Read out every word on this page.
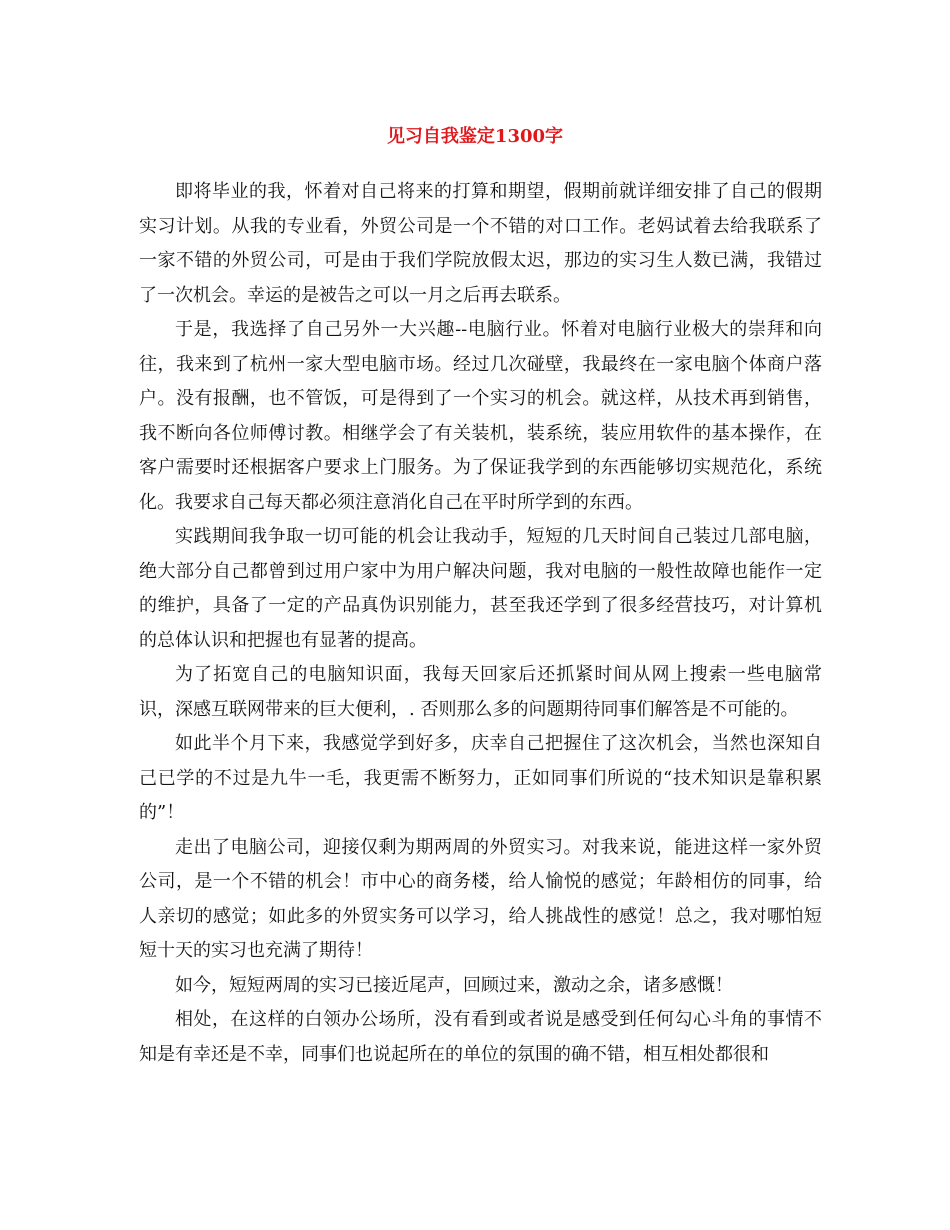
见习自我鉴定1300字

即将毕业的我，怀着对自己将来的打算和期望，假期前就详细安排了自己的假期实习计划。从我的专业看，外贸公司是一个不错的对口工作。老妈试着去给我联系了一家不错的外贸公司，可是由于我们学院放假太迟，那边的实习生人数已满，我错过了一次机会。幸运的是被告之可以一月之后再去联系。

于是，我选择了自己另外一大兴趣--电脑行业。怀着对电脑行业极大的崇拜和向往，我来到了杭州一家大型电脑市场。经过几次碰壁，我最终在一家电脑个体商户落户。没有报酬，也不管饭，可是得到了一个实习的机会。就这样，从技术再到销售，我不断向各位师傅讨教。相继学会了有关装机，装系统，装应用软件的基本操作，在客户需要时还根据客户要求上门服务。为了保证我学到的东西能够切实规范化，系统化。我要求自己每天都必须注意消化自己在平时所学到的东西。

实践期间我争取一切可能的机会让我动手，短短的几天时间自己装过几部电脑，绝大部分自己都曾到过用户家中为用户解决问题，我对电脑的一般性故障也能作一定的维护，具备了一定的产品真伪识别能力，甚至我还学到了很多经营技巧，对计算机的总体认识和把握也有显著的提高。

为了拓宽自己的电脑知识面，我每天回家后还抓紧时间从网上搜索一些电脑常识，深感互联网带来的巨大便利，. 否则那么多的问题期待同事们解答是不可能的。

如此半个月下来，我感觉学到好多，庆幸自己把握住了这次机会，当然也深知自己已学的不过是九牛一毛，我更需不断努力，正如同事们所说的“技术知识是靠积累的”！

走出了电脑公司，迎接仅剩为期两周的外贸实习。对我来说，能进这样一家外贸公司，是一个不错的机会！市中心的商务楼，给人愉悦的感觉；年龄相仿的同事，给人亲切的感觉；如此多的外贸实务可以学习，给人挑战性的感觉！总之，我对哪怕短短十天的实习也充满了期待！

如今，短短两周的实习已接近尾声，回顾过来，激动之余，诸多感慨！

相处，在这样的白领办公场所，没有看到或者说是感受到任何勾心斗角的事情不知是有幸还是不幸，同事们也说起所在的单位的氛围的确不错，相互相处都很和
